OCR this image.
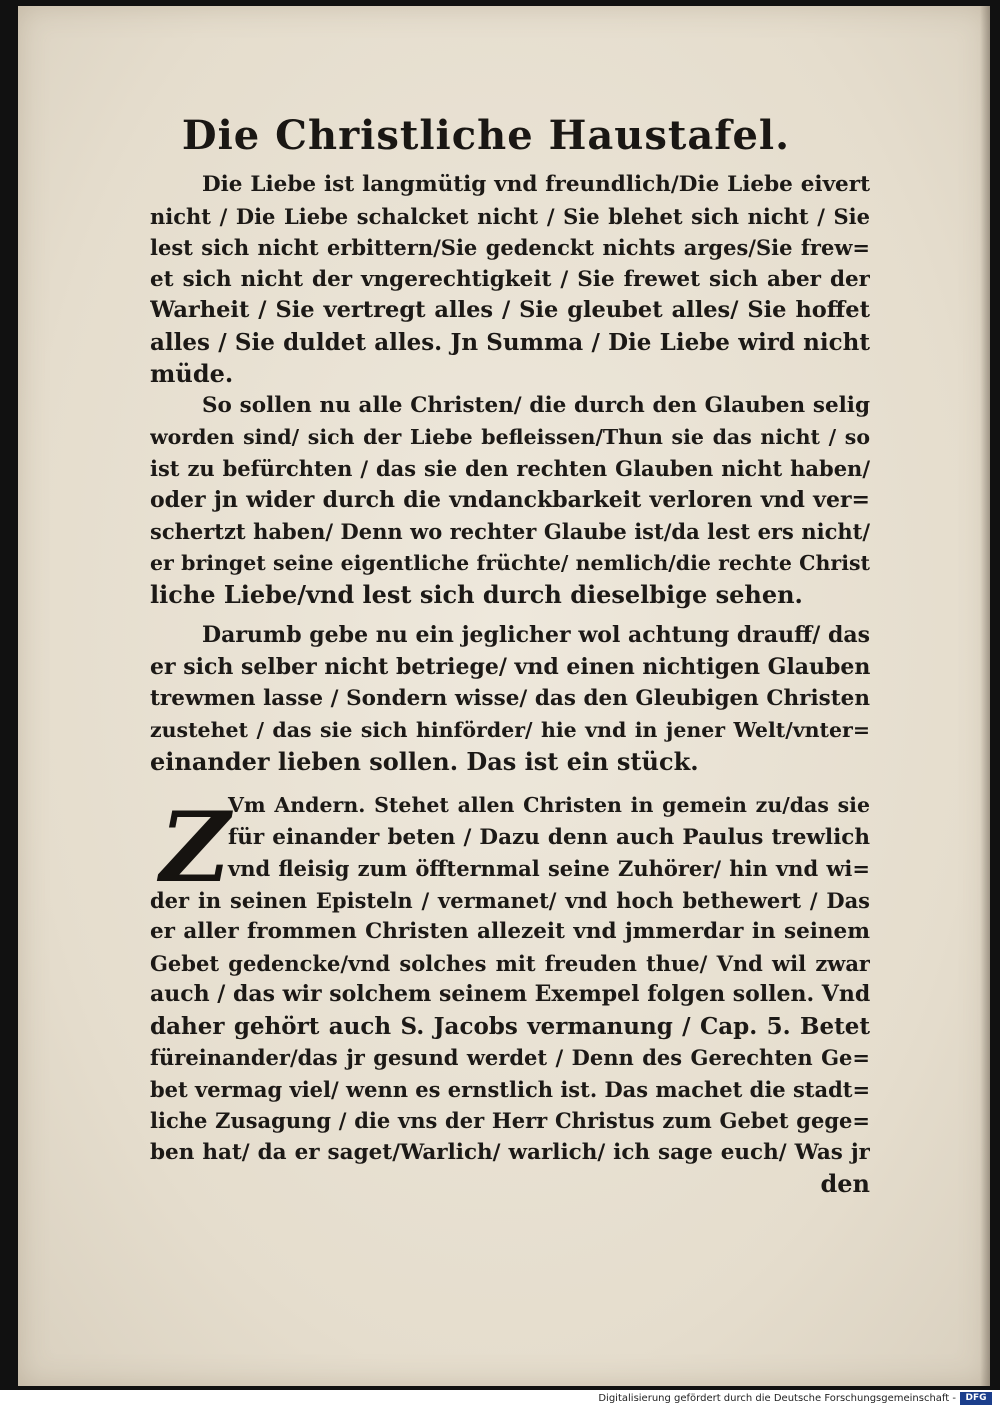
Die Christliche Haustafel.
Die Liebe ist langmütig vnd freundlich/Die Liebe eivert
nicht / Die Liebe schalcket nicht / Sie blehet sich nicht / Sie
lest sich nicht erbittern/Sie gedenckt nichts arges/Sie frew=
et sich nicht der vngerechtigkeit / Sie frewet sich aber der
Warheit / Sie vertregt alles / Sie gleubet alles/ Sie hoffet
alles / Sie duldet alles. Jn Summa / Die Liebe wird nicht
müde.
So sollen nu alle Christen/ die durch den Glauben selig
worden sind/ sich der Liebe befleissen/Thun sie das nicht / so
ist zu befürchten / das sie den rechten Glauben nicht haben/
oder jn wider durch die vndanckbarkeit verloren vnd ver=
schertzt haben/ Denn wo rechter Glaube ist/da lest ers nicht/
er bringet seine eigentliche früchte/ nemlich/die rechte Christ
liche Liebe/vnd lest sich durch dieselbige sehen.
Darumb gebe nu ein jeglicher wol achtung drauff/ das
er sich selber nicht betriege/ vnd einen nichtigen Glauben
trewmen lasse / Sondern wisse/ das den Gleubigen Christen
zustehet / das sie sich hinförder/ hie vnd in jener Welt/vnter=
einander lieben sollen. Das ist ein stück.
Z
Vm Andern. Stehet allen Christen in gemein zu/das sie
für einander beten / Dazu denn auch Paulus trewlich
vnd fleisig zum öffternmal seine Zuhörer/ hin vnd wi=
der in seinen Episteln / vermanet/ vnd hoch bethewert / Das
er aller frommen Christen allezeit vnd jmmerdar in seinem
Gebet gedencke/vnd solches mit freuden thue/ Vnd wil zwar
auch / das wir solchem seinem Exempel folgen sollen. Vnd
daher gehört auch S. Jacobs vermanung / Cap. 5. Betet
füreinander/das jr gesund werdet / Denn des Gerechten Ge=
bet vermag viel/ wenn es ernstlich ist. Das machet die stadt=
liche Zusagung / die vns der Herr Christus zum Gebet gege=
ben hat/ da er saget/Warlich/ warlich/ ich sage euch/ Was jr
den
Digitalisierung gefördert durch die Deutsche Forschungsgemeinschaft -	DFG
